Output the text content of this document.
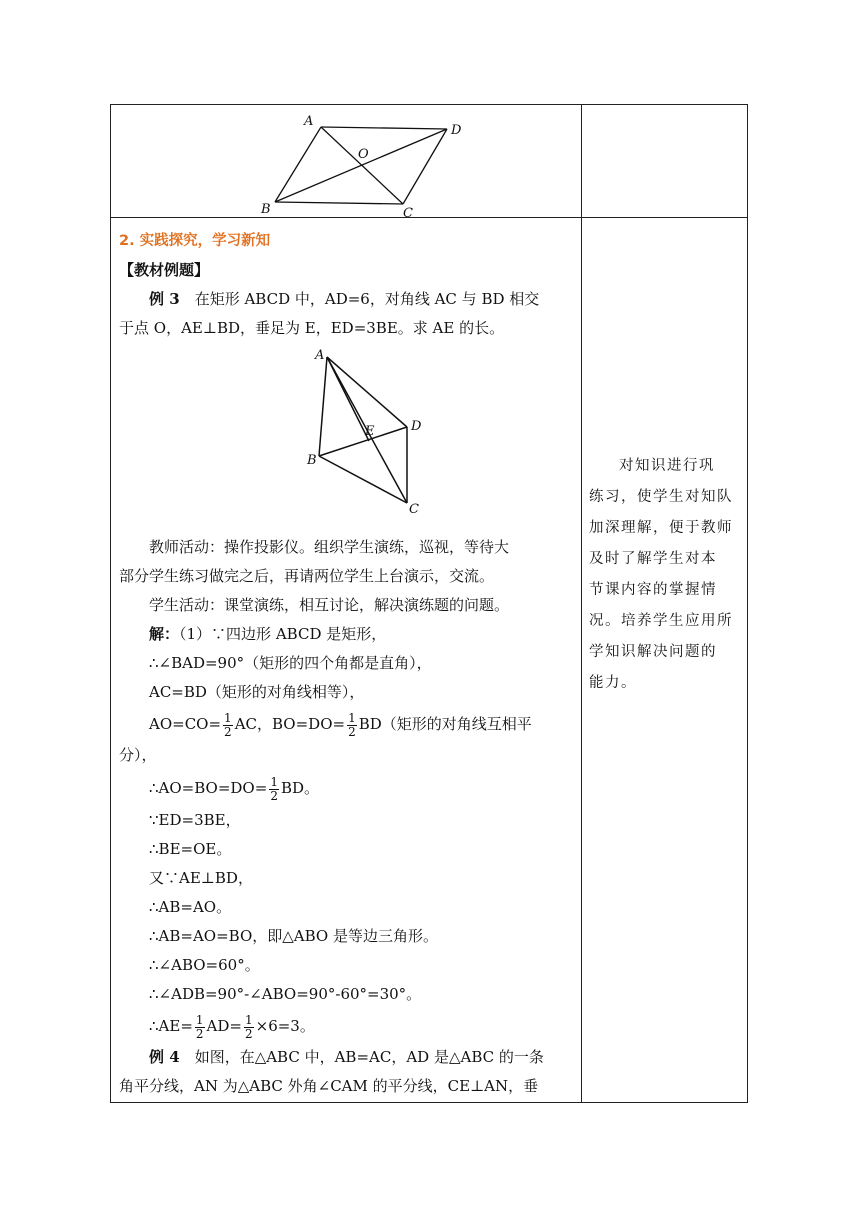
A
D
O
B	C
2. 实践探究，学习新知
【教材例题】
例 3　 在矩形 ABCD 中，AD=6，对角线 AC 与 BD 相交
于点 O，AE⊥BD，垂足为 E，ED=3BE。求 AE 的长。
A
E	D
B
C
教师活动：操作投影仪。组织学生演练，巡视，等待大
部分学生练习做完之后，再请两位学生上台演示，交流。
学生活动：课堂演练，相互讨论，解决演练题的问题。
解：（1）∵四边形 ABCD 是矩形，
∴∠BAD=90°（矩形的四个角都是直角），
AC=BD（矩形的对角线相等），
$AO=CO= \frac{1}{2}$ AC，$BO=DO= \frac{1}{2} BD$（矩形的对角线互相平
分），
∴AO=BO=DO= $\frac{1}{2}$ BD。
∵ED=3BE，
∴BE=OE。
又∵AE⊥BD，
∴AB=AO。
∴AB=AO=BO，即△ABO 是等边三角形。
∴∠ABO=60°。
∴∠ADB=90°-∠ABO=90°-60°=30°。
∴AE= $\frac{1}{2} AD= \frac{1}{2} \times 6=3$。
例 4　 如图，在△ABC 中，AB=AC，AD 是△ABC 的一条
角平分线，AN 为△ABC 外角∠CAM 的平分线，CE⊥AN，垂
对知识进行巩
练习，使学生对知队
加深理解，便于教师
及时了解学生对本
节课内容的掌握情
况。培养学生应用所
学知识解决问题的
能力。
